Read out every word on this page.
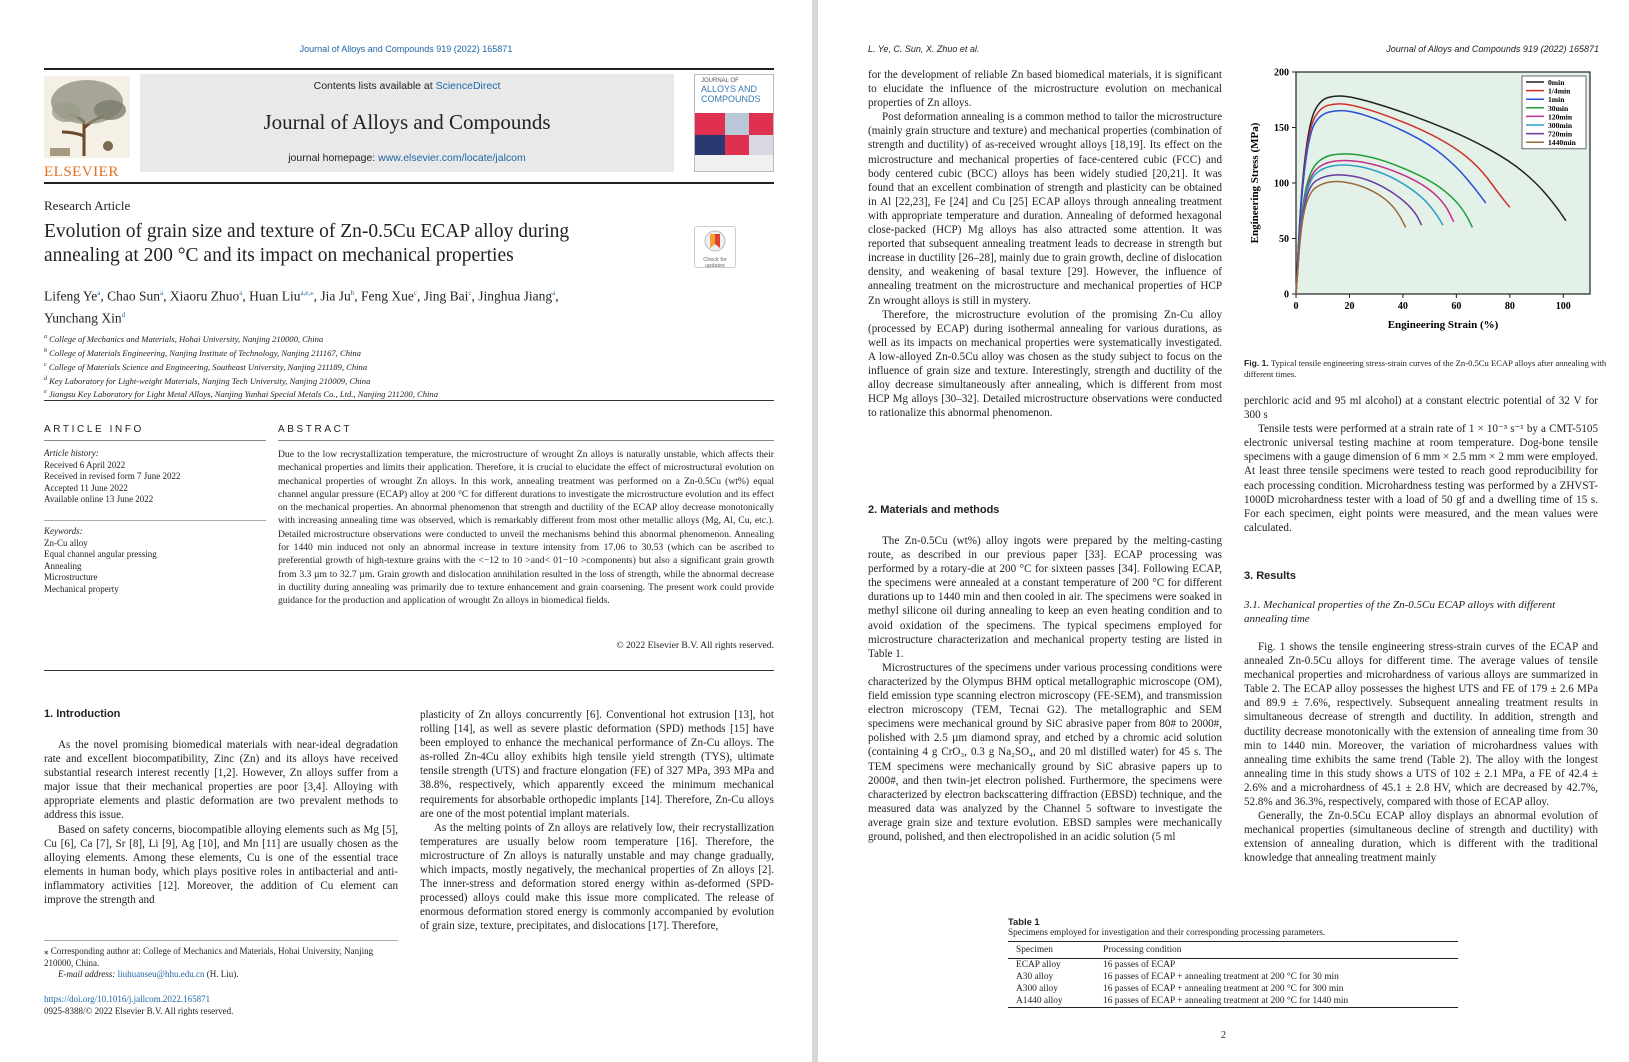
Journal of Alloys and Compounds 919 (2022) 165871
ELSEVIER
Contents lists available at ScienceDirect
Journal of Alloys and Compounds
journal homepage: www.elsevier.com/locate/jalcom
JOURNAL OF
ALLOYS AND
COMPOUNDS
Research Article
Evolution of grain size and texture of Zn-0.5Cu ECAP alloy during
annealing at 200 °C and its impact on mechanical properties	Check for updates
Lifeng Ye$^a$, Chao Sun$^a$, Xiaoru Zhuo$^a$, Huan Liu$^{a,e,⁎}$, Jia Ju$^b$, Feng Xue$^c$, Jing Bai$^c$, Jinghua Jiang$^a$,
Yunchang Xin$^d$
$^a$ College of Mechanics and Materials, Hohai University, Nanjing 210000, China
$^b$ College of Materials Engineering, Nanjing Institute of Technology, Nanjing 211167, China
$^c$ College of Materials Science and Engineering, Southeast University, Nanjing 211189, China
$^d$ Key Laboratory for Light-weight Materials, Nanjing Tech University, Nanjing 210009, China
$^e$ Jiangsu Key Laboratory for Light Metal Alloys, Nanjing Yunhai Special Metals Co., Ltd., Nanjing 211200, China
ARTICLE INFO
Article history:
Received 6 April 2022
Received in revised form 7 June 2022
Accepted 11 June 2022
Available online 13 June 2022
Keywords:
Zn-Cu alloy
Equal channel angular pressing
Annealing
Microstructure
Mechanical property
ABSTRACT
Due to the low recrystallization temperature, the microstructure of wrought Zn alloys is naturally unstable, which affects their mechanical properties and limits their application. Therefore, it is crucial to elucidate the effect of microstructural evolution on mechanical properties of wrought Zn alloys. In this work, annealing treatment was performed on a Zn-0.5Cu (wt%) equal channel angular pressure (ECAP) alloy at 200 °C for different durations to investigate the microstructure evolution and its effect on the mechanical properties. An abnormal phenomenon that strength and ductility of the ECAP alloy decrease monotonically with increasing annealing time was observed, which is remarkably different from most other metallic alloys (Mg, Al, Cu, etc.). Detailed microstructure observations were conducted to unveil the mechanisms behind this abnormal phenomenon. Annealing for 1440 min induced not only an abnormal increase in texture intensity from 17.06 to 30.53 (which can be ascribed to preferential growth of high-texture grains with the <−12 to 10 >and< 01−10 >components) but also a significant grain growth from 3.3 µm to 32.7 µm. Grain growth and dislocation annihilation resulted in the loss of strength, while the abnormal decrease in ductility during annealing was primarily due to texture enhancement and grain coarsening. The present work could provide guidance for the production and application of wrought Zn alloys in biomedical fields.
© 2022 Elsevier B.V. All rights reserved.
1. Introduction

As the novel promising biomedical materials with near-ideal degradation rate and excellent biocompatibility, Zinc (Zn) and its alloys have received substantial research interest recently [1,2]. However, Zn alloys suffer from a major issue that their mechanical properties are poor [3,4]. Alloying with appropriate elements and plastic deformation are two prevalent methods to address this issue.

Based on safety concerns, biocompatible alloying elements such as Mg [5], Cu [6], Ca [7], Sr [8], Li [9], Ag [10], and Mn [11] are usually chosen as the alloying elements. Among these elements, Cu is one of the essential trace elements in human body, which plays positive roles in antibacterial and anti-inflammatory activities [12]. Moreover, the addition of Cu element can improve the strength and

plasticity of Zn alloys concurrently [6]. Conventional hot extrusion [13], hot rolling [14], as well as severe plastic deformation (SPD) methods [15] have been employed to enhance the mechanical performance of Zn-Cu alloys. The as-rolled Zn-4Cu alloy exhibits high tensile yield strength (TYS), ultimate tensile strength (UTS) and fracture elongation (FE) of 327 MPa, 393 MPa and 38.8%, respectively, which apparently exceed the minimum mechanical requirements for absorbable orthopedic implants [14]. Therefore, Zn-Cu alloys are one of the most potential implant materials.

As the melting points of Zn alloys are relatively low, their recrystallization temperatures are usually below room temperature [16]. Therefore, the microstructure of Zn alloys is naturally unstable and may change gradually, which impacts, mostly negatively, the mechanical properties of Zn alloys [2]. The inner-stress and deformation stored energy within as-deformed (SPD-processed) alloys could make this issue more complicated. The release of enormous deformation stored energy is commonly accompanied by evolution of grain size, texture, precipitates, and dislocations [17]. Therefore,

⁎ Corresponding author at: College of Mechanics and Materials, Hohai University, Nanjing 210000, China.
E-mail address: liuhuanseu@hhu.edu.cn (H. Liu).
https://doi.org/10.1016/j.jallcom.2022.165871
0925-8388/© 2022 Elsevier B.V. All rights reserved.
L. Ye, C. Sun, X. Zhuo et al.	Journal of Alloys and Compounds 919 (2022) 165871

for the development of reliable Zn based biomedical materials, it is significant to elucidate the influence of the microstructure evolution on mechanical properties of Zn alloys.

Post deformation annealing is a common method to tailor the microstructure (mainly grain structure and texture) and mechanical properties (combination of strength and ductility) of as-received wrought alloys [18,19]. Its effect on the microstructure and mechanical properties of face-centered cubic (FCC) and body centered cubic (BCC) alloys has been widely studied [20,21]. It was found that an excellent combination of strength and plasticity can be obtained in Al [22,23], Fe [24] and Cu [25] ECAP alloys through annealing treatment with appropriate temperature and duration. Annealing of deformed hexagonal close-packed (HCP) Mg alloys has also attracted some attention. It was reported that subsequent annealing treatment leads to decrease in strength but increase in ductility [26–28], mainly due to grain growth, decline of dislocation density, and weakening of basal texture [29]. However, the influence of annealing treatment on the microstructure and mechanical properties of HCP Zn wrought alloys is still in mystery.

Therefore, the microstructure evolution of the promising Zn-Cu alloy (processed by ECAP) during isothermal annealing for various durations, as well as its impacts on mechanical properties were systematically investigated. A low-alloyed Zn-0.5Cu alloy was chosen as the study subject to focus on the influence of grain size and texture. Interestingly, strength and ductility of the alloy decrease simultaneously after annealing, which is different from most HCP Mg alloys [30–32]. Detailed microstructure observations were conducted to rationalize this abnormal phenomenon.

2. Materials and methods

The Zn-0.5Cu (wt%) alloy ingots were prepared by the melting-casting route, as described in our previous paper [33]. ECAP processing was performed by a rotary-die at 200 °C for sixteen passes [34]. Following ECAP, the specimens were annealed at a constant temperature of 200 °C for different durations up to 1440 min and then cooled in air. The specimens were soaked in methyl silicone oil during annealing to keep an even heating condition and to avoid oxidation of the specimens. The typical specimens employed for microstructure characterization and mechanical property testing are listed in Table 1.

Microstructures of the specimens under various processing conditions were characterized by the Olympus BHM optical metallographic microscope (OM), field emission type scanning electron microscopy (FE-SEM), and transmission electron microscopy (TEM, Tecnai G2). The metallographic and SEM specimens were mechanical ground by SiC abrasive paper from 80# to 2000#, polished with 2.5 µm diamond spray, and etched by a chromic acid solution (containing 4 g CrO₃, 0.3 g Na₂SO₄, and 20 ml distilled water) for 45 s. The TEM specimens were mechanically ground by SiC abrasive papers up to 2000#, and then twin-jet electron polished. Furthermore, the specimens were characterized by electron backscattering diffraction (EBSD) technique, and the measured data was analyzed by the Channel 5 software to investigate the average grain size and texture evolution. EBSD samples were mechanically ground, polished, and then electropolished in an acidic solution (5 ml

0	20	40	60	80	100
0
50
100
150
200
Engineering Strain (%)
Engineering Stress (MPa)
0min
1/4min
1min
30min
120min
300min
720min
1440min
Fig. 1. Typical tensile engineering stress-strain curves of the Zn-0.5Cu ECAP alloys after annealing with different times.

perchloric acid and 95 ml alcohol) at a constant electric potential of 32 V for 300 s

Tensile tests were performed at a strain rate of 1 × 10⁻³ s⁻¹ by a CMT-5105 electronic universal testing machine at room temperature. Dog-bone tensile specimens with a gauge dimension of 6 mm × 2.5 mm × 2 mm were employed. At least three tensile specimens were tested to reach good reproducibility for each processing condition. Microhardness testing was performed by a ZHVST-1000D microhardness tester with a load of 50 gf and a dwelling time of 15 s. For each specimen, eight points were measured, and the mean values were calculated.

3. Results
3.1. Mechanical properties of the Zn-0.5Cu ECAP alloys with different annealing time

Fig. 1 shows the tensile engineering stress-strain curves of the ECAP and annealed Zn-0.5Cu alloys for different time. The average values of tensile mechanical properties and microhardness of various alloys are summarized in Table 2. The ECAP alloy possesses the highest UTS and FE of 179 ± 2.6 MPa and 89.9 ± 7.6%, respectively. Subsequent annealing treatment results in simultaneous decrease of strength and ductility. In addition, strength and ductility decrease monotonically with the extension of annealing time from 30 min to 1440 min. Moreover, the variation of microhardness values with annealing time exhibits the same trend (Table 2). The alloy with the longest annealing time in this study shows a UTS of 102 ± 2.1 MPa, a FE of 42.4 ± 2.6% and a microhardness of 45.1 ± 2.8 HV, which are decreased by 42.7%, 52.8% and 36.3%, respectively, compared with those of ECAP alloy.

Generally, the Zn-0.5Cu ECAP alloy displays an abnormal evolution of mechanical properties (simultaneous decline of strength and ductility) with extension of annealing duration, which is different with the traditional knowledge that annealing treatment mainly

Table 1
Specimens employed for investigation and their corresponding processing parameters.
Specimen	Processing condition
ECAP alloy	16 passes of ECAP
A30 alloy	16 passes of ECAP + annealing treatment at 200 °C for 30 min
A300 alloy	16 passes of ECAP + annealing treatment at 200 °C for 300 min
A1440 alloy	16 passes of ECAP + annealing treatment at 200 °C for 1440 min
2
